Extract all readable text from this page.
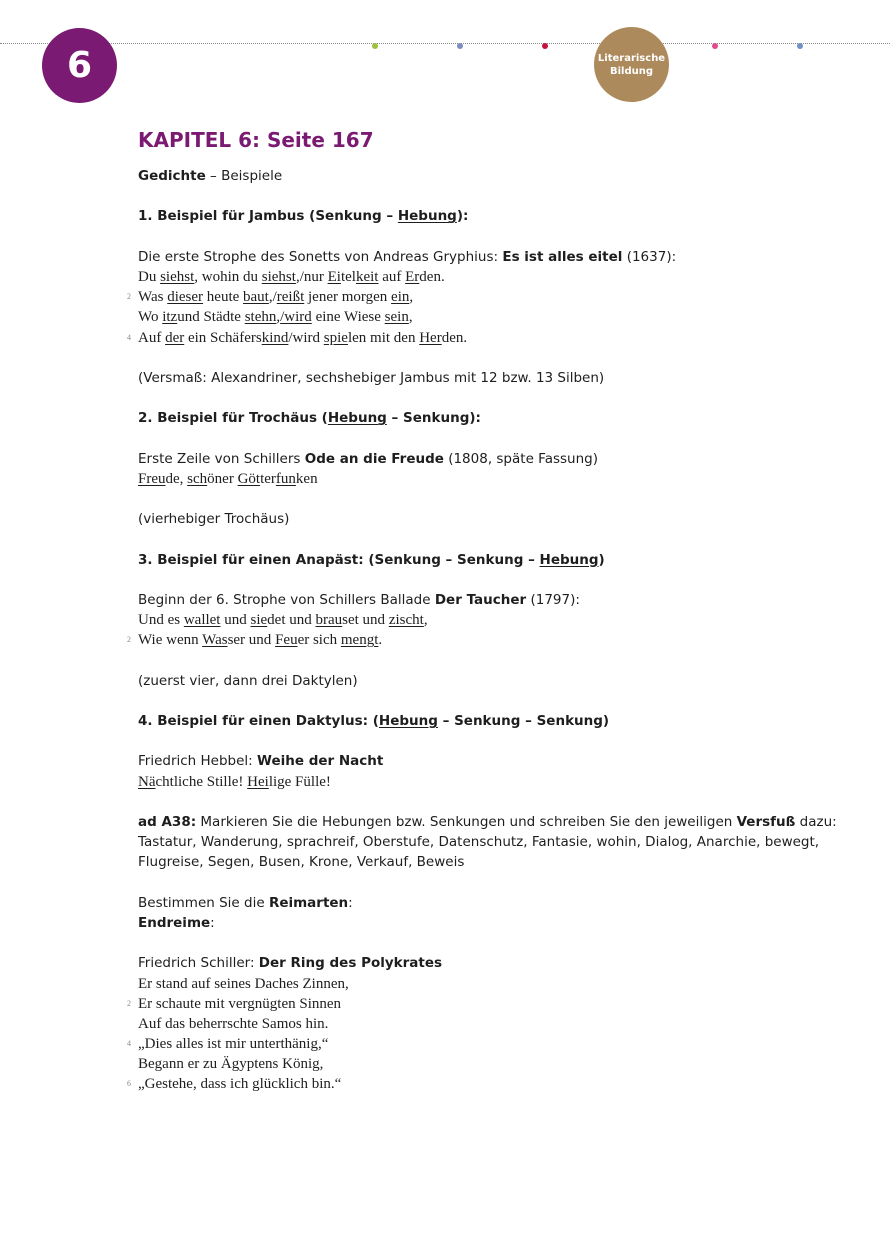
6	Literarische
Bildung
KAPITEL 6: Seite 167
Gedichte – Beispiele
1. Beispiel für Jambus (Senkung – Hebung):
Die erste Strophe des Sonetts von Andreas Gryphius: Es ist alles eitel (1637):
Du siehst, wohin du siehst,/nur Eitelkeit auf Erden.
2 Was dieser heute baut,/reißt jener morgen ein,
Wo itzund Städte stehn,/wird eine Wiese sein,
4 Auf der ein Schäferskind/wird spielen mit den Herden.
(Versmaß: Alexandriner, sechshebiger Jambus mit 12 bzw. 13 Silben)
2. Beispiel für Trochäus (Hebung – Senkung):
Erste Zeile von Schillers Ode an die Freude (1808, späte Fassung)
Freude, schöner Götterfunken
(vierhebiger Trochäus)
3. Beispiel für einen Anapäst: (Senkung – Senkung – Hebung)
Beginn der 6. Strophe von Schillers Ballade Der Taucher (1797):
Und es wallet und siedet und brauset und zischt,
2 Wie wenn Wasser und Feuer sich mengt.
(zuerst vier, dann drei Daktylen)
4. Beispiel für einen Daktylus: (Hebung – Senkung – Senkung)
Friedrich Hebbel: Weihe der Nacht
Nächtliche Stille! Heilige Fülle!
ad A38: Markieren Sie die Hebungen bzw. Senkungen und schreiben Sie den jeweiligen Versfuß dazu:
Tastatur, Wanderung, sprachreif, Oberstufe, Datenschutz, Fantasie, wohin, Dialog, Anarchie, bewegt,
Flugreise, Segen, Busen, Krone, Verkauf, Beweis
Bestimmen Sie die Reimarten:
Endreime:
Friedrich Schiller: Der Ring des Polykrates
Er stand auf seines Daches Zinnen,
2 Er schaute mit vergnügten Sinnen
Auf das beherrschte Samos hin.
4 „Dies alles ist mir unterthänig,“
Begann er zu Ägyptens König,
6 „Gestehe, dass ich glücklich bin.“
